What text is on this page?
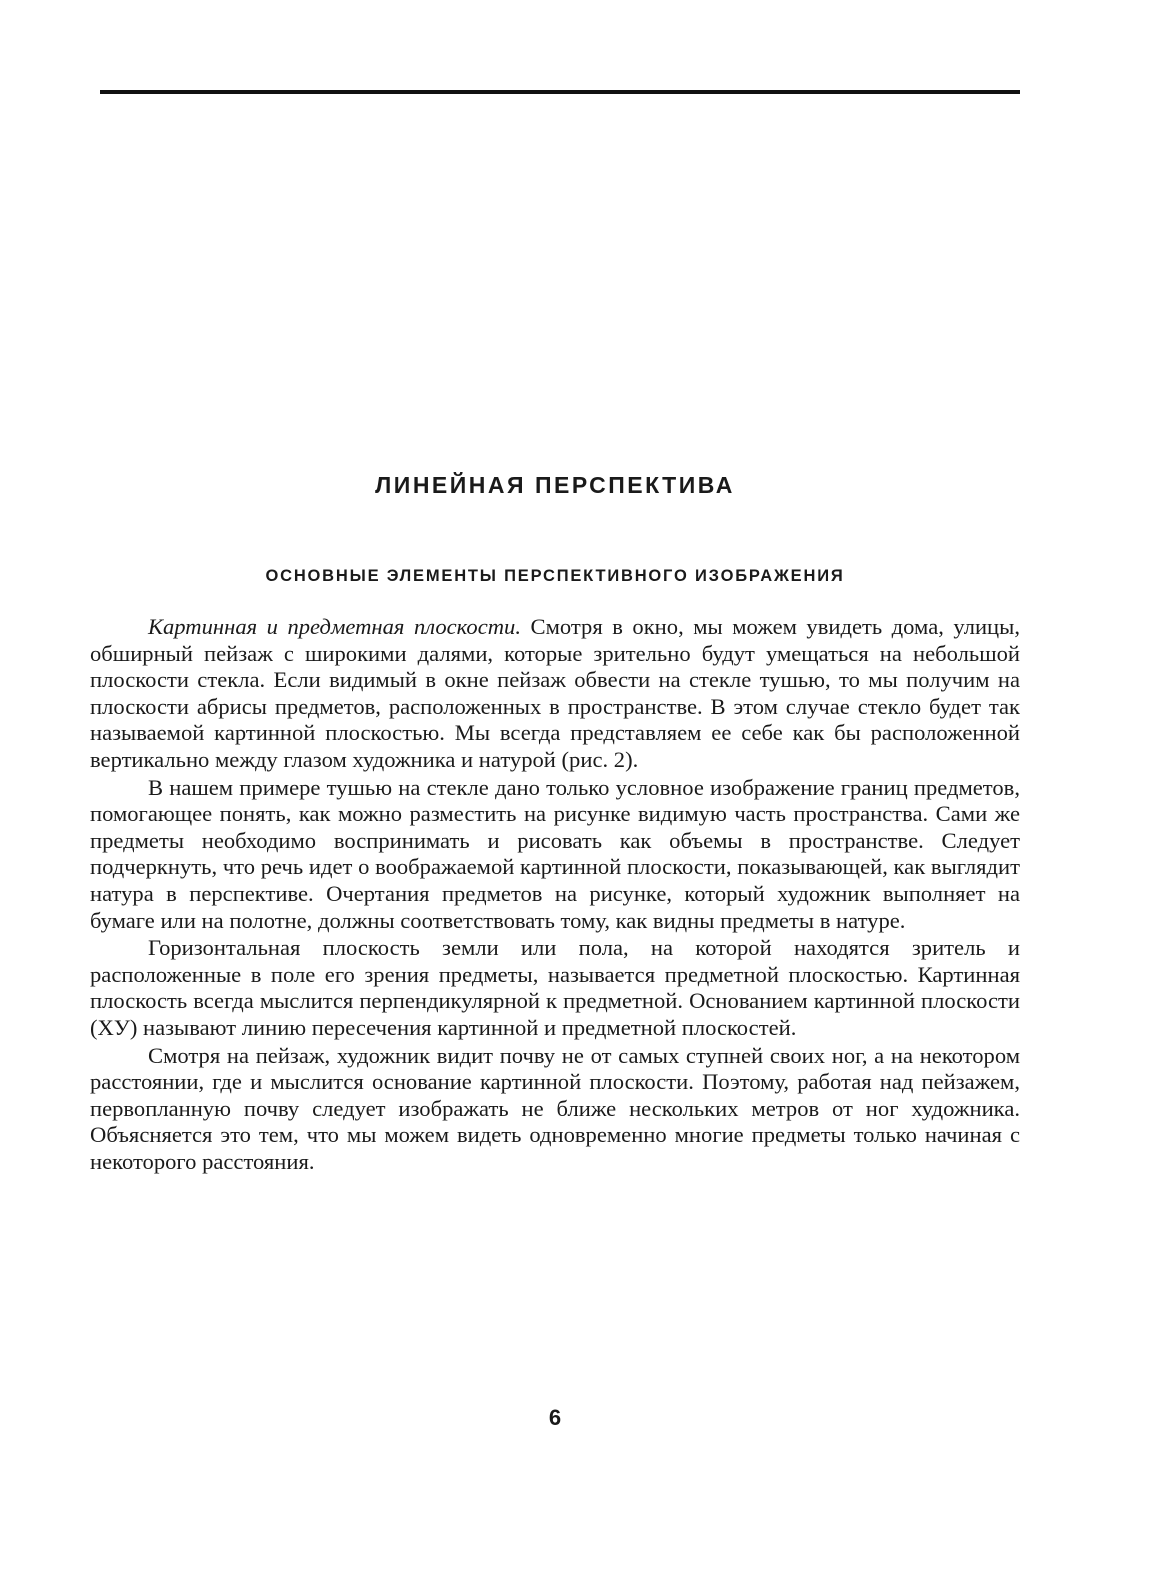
ЛИНЕЙНАЯ ПЕРСПЕКТИВА
ОСНОВНЫЕ ЭЛЕМЕНТЫ ПЕРСПЕКТИВНОГО ИЗОБРАЖЕНИЯ

Картинная и предметная плоскости. Смотря в окно, мы можем увидеть дома, улицы, обширный пейзаж с широкими далями, которые зрительно будут умещаться на небольшой плоскости стекла. Если видимый в окне пейзаж обвести на стекле тушью, то мы получим на плоскости абрисы предметов, расположенных в пространстве. В этом случае стекло будет так называемой картинной плоскостью. Мы всегда представляем ее себе как бы расположенной вертикально между глазом художника и натурой (рис. 2).

В нашем примере тушью на стекле дано только условное изображение границ предметов, помогающее понять, как можно разместить на рисунке видимую часть пространства. Сами же предметы необходимо воспринимать и рисовать как объемы в пространстве. Следует подчеркнуть, что речь идет о воображаемой картинной плоскости, показывающей, как выглядит натура в перспективе. Очертания предметов на рисунке, который художник выполняет на бумаге или на полотне, должны соответствовать тому, как видны предметы в натуре.

Горизонтальная плоскость земли или пола, на которой находятся зритель и расположенные в поле его зрения предметы, называется предметной плоскостью. Картинная плоскость всегда мыслится перпендикулярной к предметной. Основанием картинной плоскости (ХУ) называют линию пересечения картинной и предметной плоскостей.

Смотря на пейзаж, художник видит почву не от самых ступней своих ног, а на некотором расстоянии, где и мыслится основание картинной плоскости. Поэтому, работая над пейзажем, первопланную почву следует изображать не ближе нескольких метров от ног художника. Объясняется это тем, что мы можем видеть одновременно многие предметы только начиная с некоторого расстояния.

6
